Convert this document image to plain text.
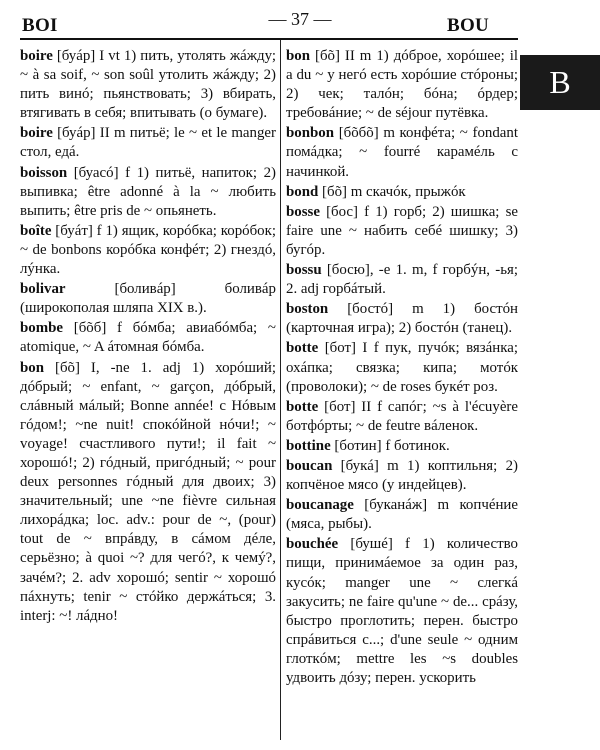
BOI	— 37 —	BOU
B
boire [буáр] I vt 1) пить, утолять жáжду; ~ à sa soif, ~ son soûl утолить жáжду; 2) пить винó; пьянствовать; 3) вбирать, втягивать в себя; впитывать (о бумаге).
boire [буáр] II m питьё; le ~ et le manger стол, едá.
boisson [буасó] f 1) питьё, напиток; 2) выпивка; être adonné à la ~ любить выпить; être pris de ~ опьянеть.
boîte [буáт] f 1) ящик, корóбка; корóбок; ~ de bonbons корóбка конфéт; 2) гнездó, лýнка.
bolivar	[боливáр] боливáр (широкополая шляпа XIX в.).
bombe [бõб] f бóмба; авиабóмба; ~ atomique, ~ A áтомная бóмба.
bon [бõ] I, -ne 1. adj 1) хорóший; дóбрый; ~ enfant, ~ garçon, дóбрый, слáвный мáлый; Bonne année! с Нóвым гóдом!; ~ne nuit! спокóйной нóчи!; ~ voyage! счастливого пути!; il fait ~ хорошó!; 2) гóдный, пригóдный; ~ pour deux personnes гóдный для двоих; 3) значительный; une ~ne fièvre сильная лихорáдка; loc. adv.: pour de ~, (pour) tout de ~ впрáвду, в сáмом дéле, серьёзно; à quoi ~? для чегó?, к чемý?, зачéм?; 2. adv хорошó; sentir ~ хорошó пáхнуть; tenir ~ стóйко держáться; 3. interj: ~! лáдно!
bon [бõ] II m 1) дóброе, хорóшее; il a du ~ у негó есть хорóшие стóроны; 2) чек; талóн; бóна; óрдер; требовáние; ~ de séjour путёвка.
bonbon [бõбõ] m конфéта; ~ fondant помáдка; ~ fourré карамéль с начинкой.
bond [бõ] m скачóк, прыжóк
bosse [бос] f 1) горб; 2) шишка; se faire une ~ набить себé шишку; 3) бугóр.
bossu [босю], -e 1. m, f горбýн, -ья; 2. adj горбáтый.
boston [бостó] m 1) бостóн (карточная игра); 2) бостóн (танец).
botte [бот] I f пук, пучóк; вязáнка; охáпка; связка; кипа; мотóк (проволоки); ~ de roses букéт роз.
botte [бот] II f сапóг; ~s à l'écuyère ботфóрты; ~ de feutre вáленок.
bottine [ботин] f ботинок.
boucan [букá] m 1) коптильня; 2) копчёное мясо (у индейцев).
boucanage [буканáж] m копчéние (мяса, рыбы).
bouchée [бушé] f 1) количество пищи, принимáемое за один раз, кусóк; manger une ~ слегкá закусить; ne faire qu'une ~ de... срáзу, быстро проглотить; перен. быстро спрáвиться с...; d'une seule ~ одним глоткóм; mettre les ~s doubles удвоить дóзу; перен. ускорить
